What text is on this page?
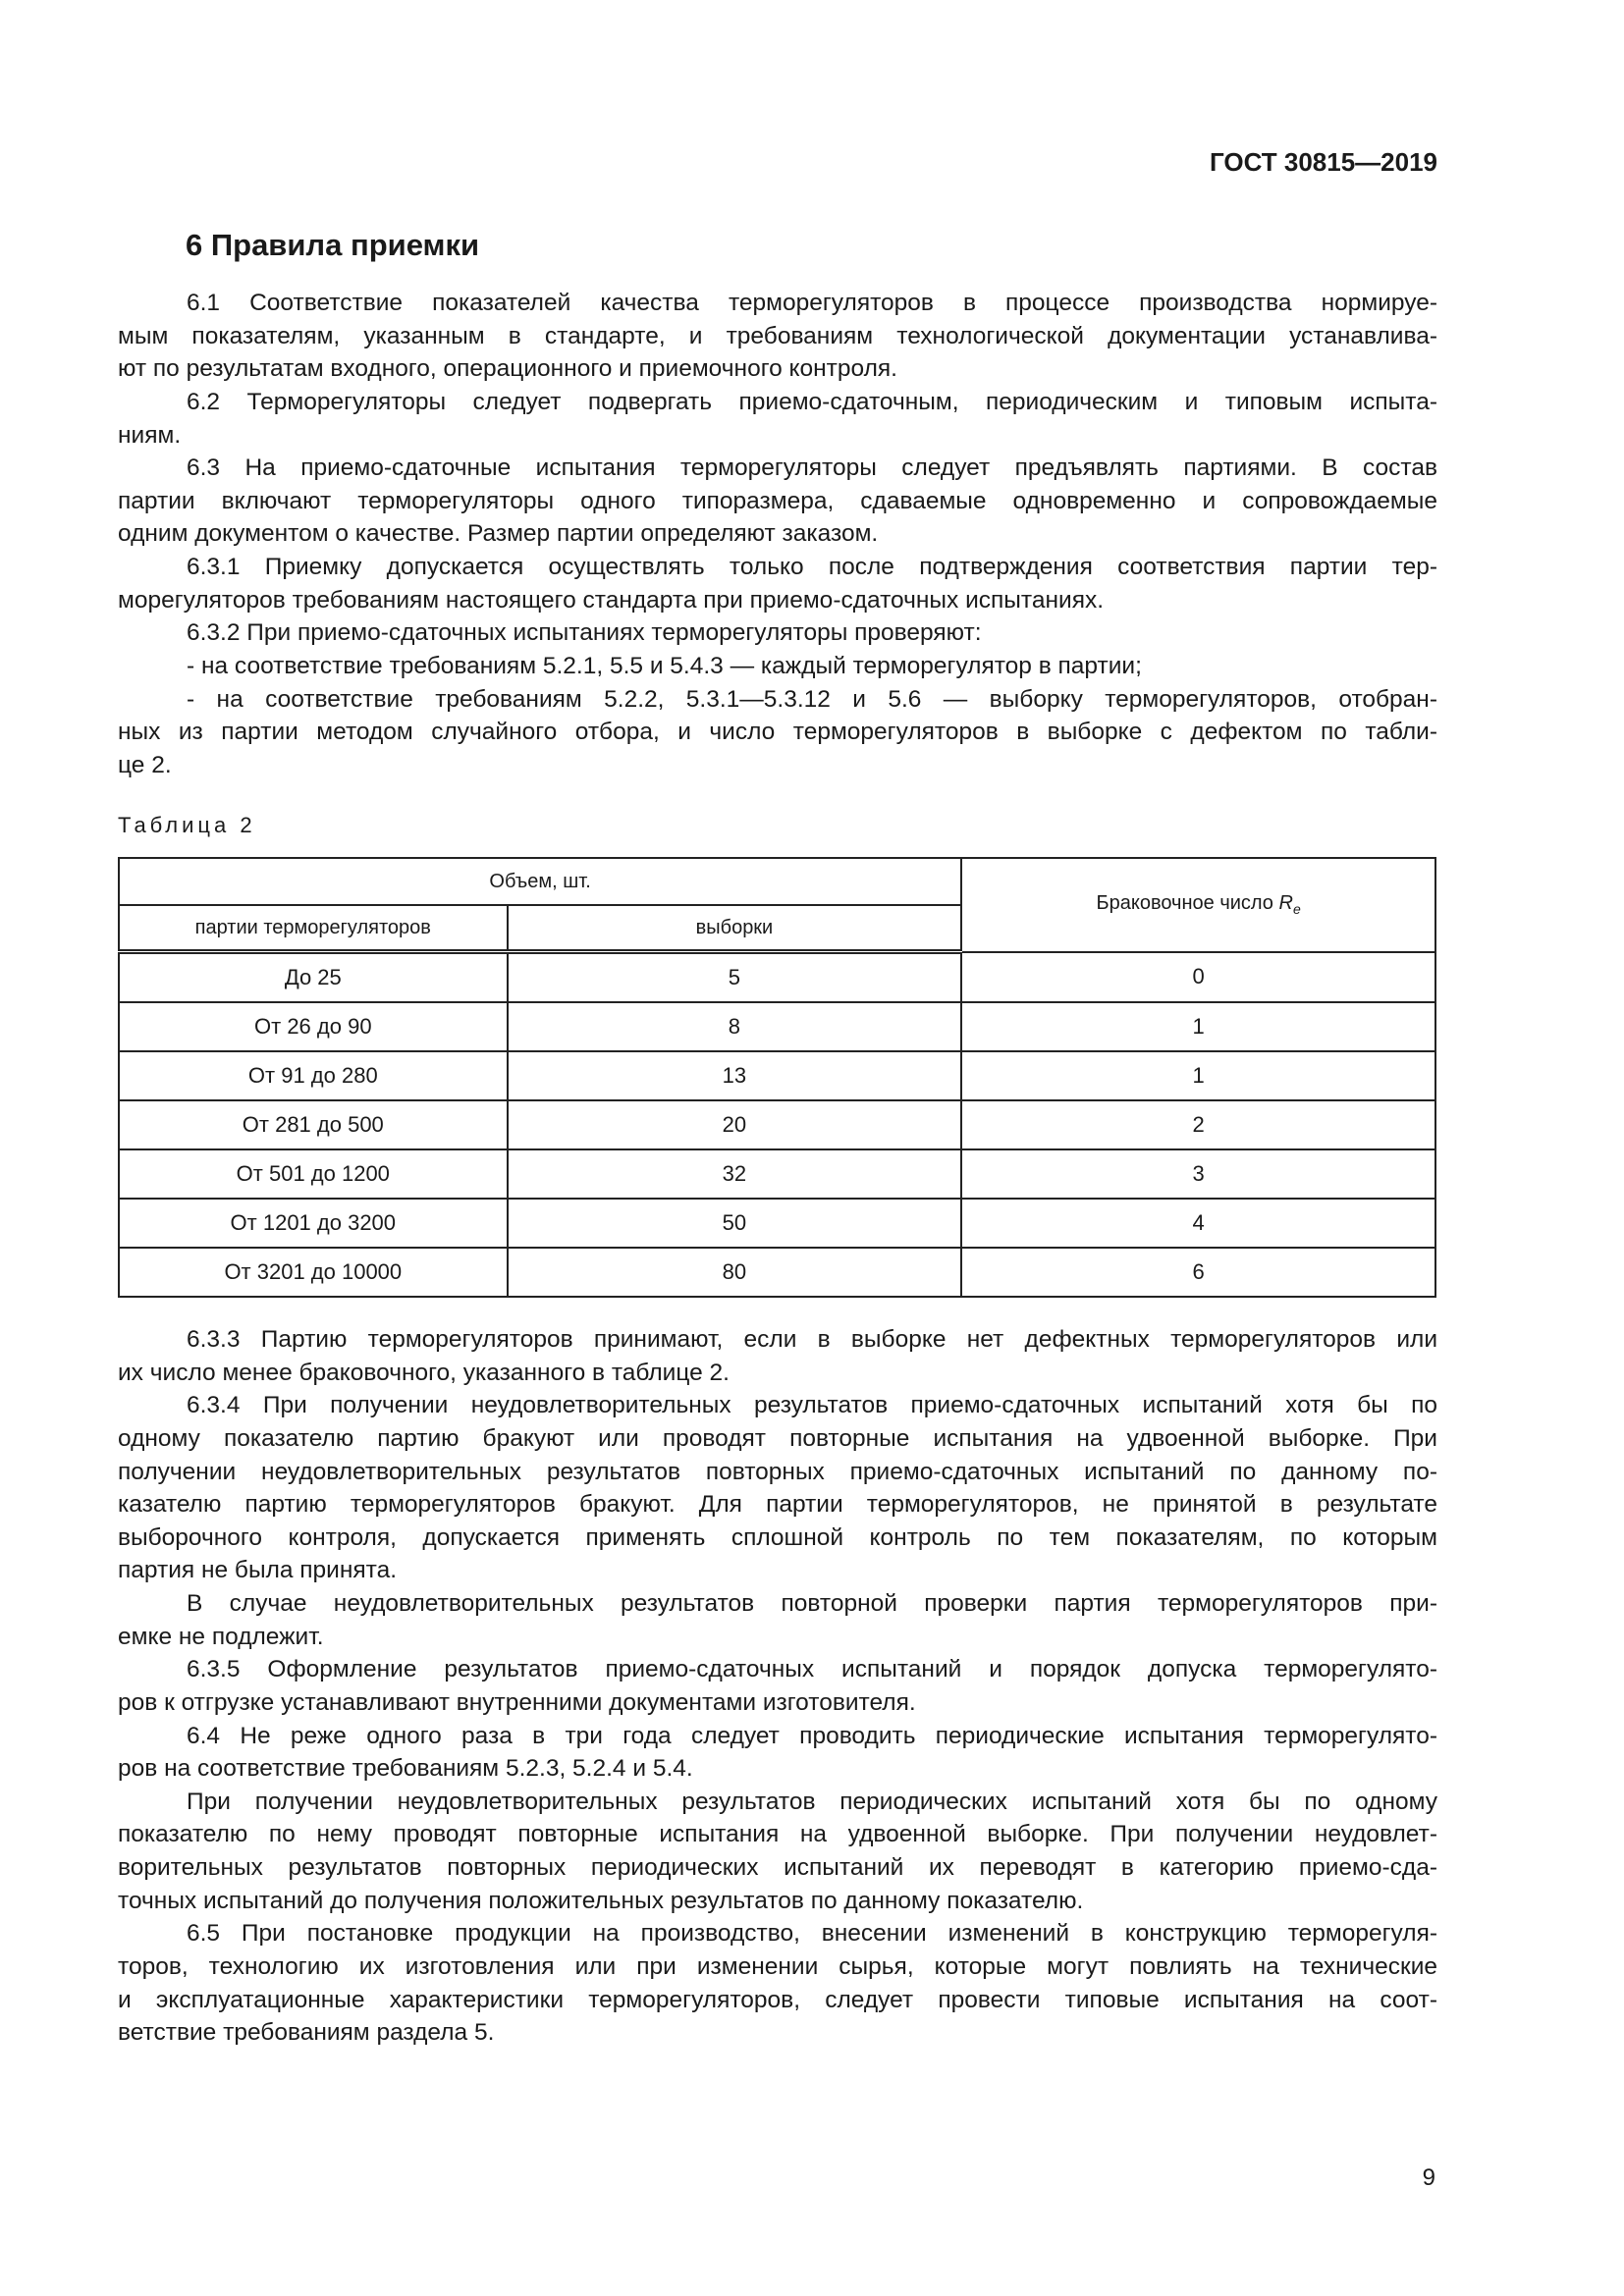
ГОСТ 30815—2019
6 Правила приемки
6.1 Соответствие показателей качества терморегуляторов в процессе производства нормируе-
мым показателям, указанным в стандарте, и требованиям технологической документации устанавлива-
ют по результатам входного, операционного и приемочного контроля.
6.2 Терморегуляторы следует подвергать приемо-сдаточным, периодическим и типовым испыта-
ниям.
6.3 На приемо-сдаточные испытания терморегуляторы следует предъявлять партиями. В состав
партии включают терморегуляторы одного типоразмера, сдаваемые одновременно и сопровождаемые
одним документом о качестве. Размер партии определяют заказом.
6.3.1 Приемку допускается осуществлять только после подтверждения соответствия партии тер-
морегуляторов требованиям настоящего стандарта при приемо-сдаточных испытаниях.
6.3.2 При приемо-сдаточных испытаниях терморегуляторы проверяют:
- на соответствие требованиям 5.2.1, 5.5 и 5.4.3 — каждый терморегулятор в партии;
- на соответствие требованиям 5.2.2, 5.3.1—5.3.12 и 5.6 — выборку терморегуляторов, отобран-
ных из партии методом случайного отбора, и число терморегуляторов в выборке с дефектом по табли-
це 2.
Таблица 2
Объем, шт.		Браковочное число $R_e$
партии терморегуляторов	выборки	
До 25	5	0
От 26 до 90	8	1
От 91 до 280	13	1
От 281 до 500	20	2
От 501 до 1200	32	3
От 1201 до 3200	50	4
От 3201 до 10000	80	6
6.3.3 Партию терморегуляторов принимают, если в выборке нет дефектных терморегуляторов или
их число менее браковочного, указанного в таблице 2.
6.3.4 При получении неудовлетворительных результатов приемо-сдаточных испытаний хотя бы по
одному показателю партию бракуют или проводят повторные испытания на удвоенной выборке. При
получении неудовлетворительных результатов повторных приемо-сдаточных испытаний по данному по-
казателю партию терморегуляторов бракуют. Для партии терморегуляторов, не принятой в результате
выборочного контроля, допускается применять сплошной контроль по тем показателям, по которым
партия не была принята.
В случае неудовлетворительных результатов повторной проверки партия терморегуляторов при-
емке не подлежит.
6.3.5 Оформление результатов приемо-сдаточных испытаний и порядок допуска терморегулято-
ров к отгрузке устанавливают внутренними документами изготовителя.
6.4 Не реже одного раза в три года следует проводить периодические испытания терморегулято-
ров на соответствие требованиям 5.2.3, 5.2.4 и 5.4.
При получении неудовлетворительных результатов периодических испытаний хотя бы по одному
показателю по нему проводят повторные испытания на удвоенной выборке. При получении неудовлет-
ворительных результатов повторных периодических испытаний их переводят в категорию приемо-сда-
точных испытаний до получения положительных результатов по данному показателю.
6.5 При постановке продукции на производство, внесении изменений в конструкцию терморегуля-
торов, технологию их изготовления или при изменении сырья, которые могут повлиять на технические
и эксплуатационные характеристики терморегуляторов, следует провести типовые испытания на соот-
ветствие требованиям раздела 5.
9
